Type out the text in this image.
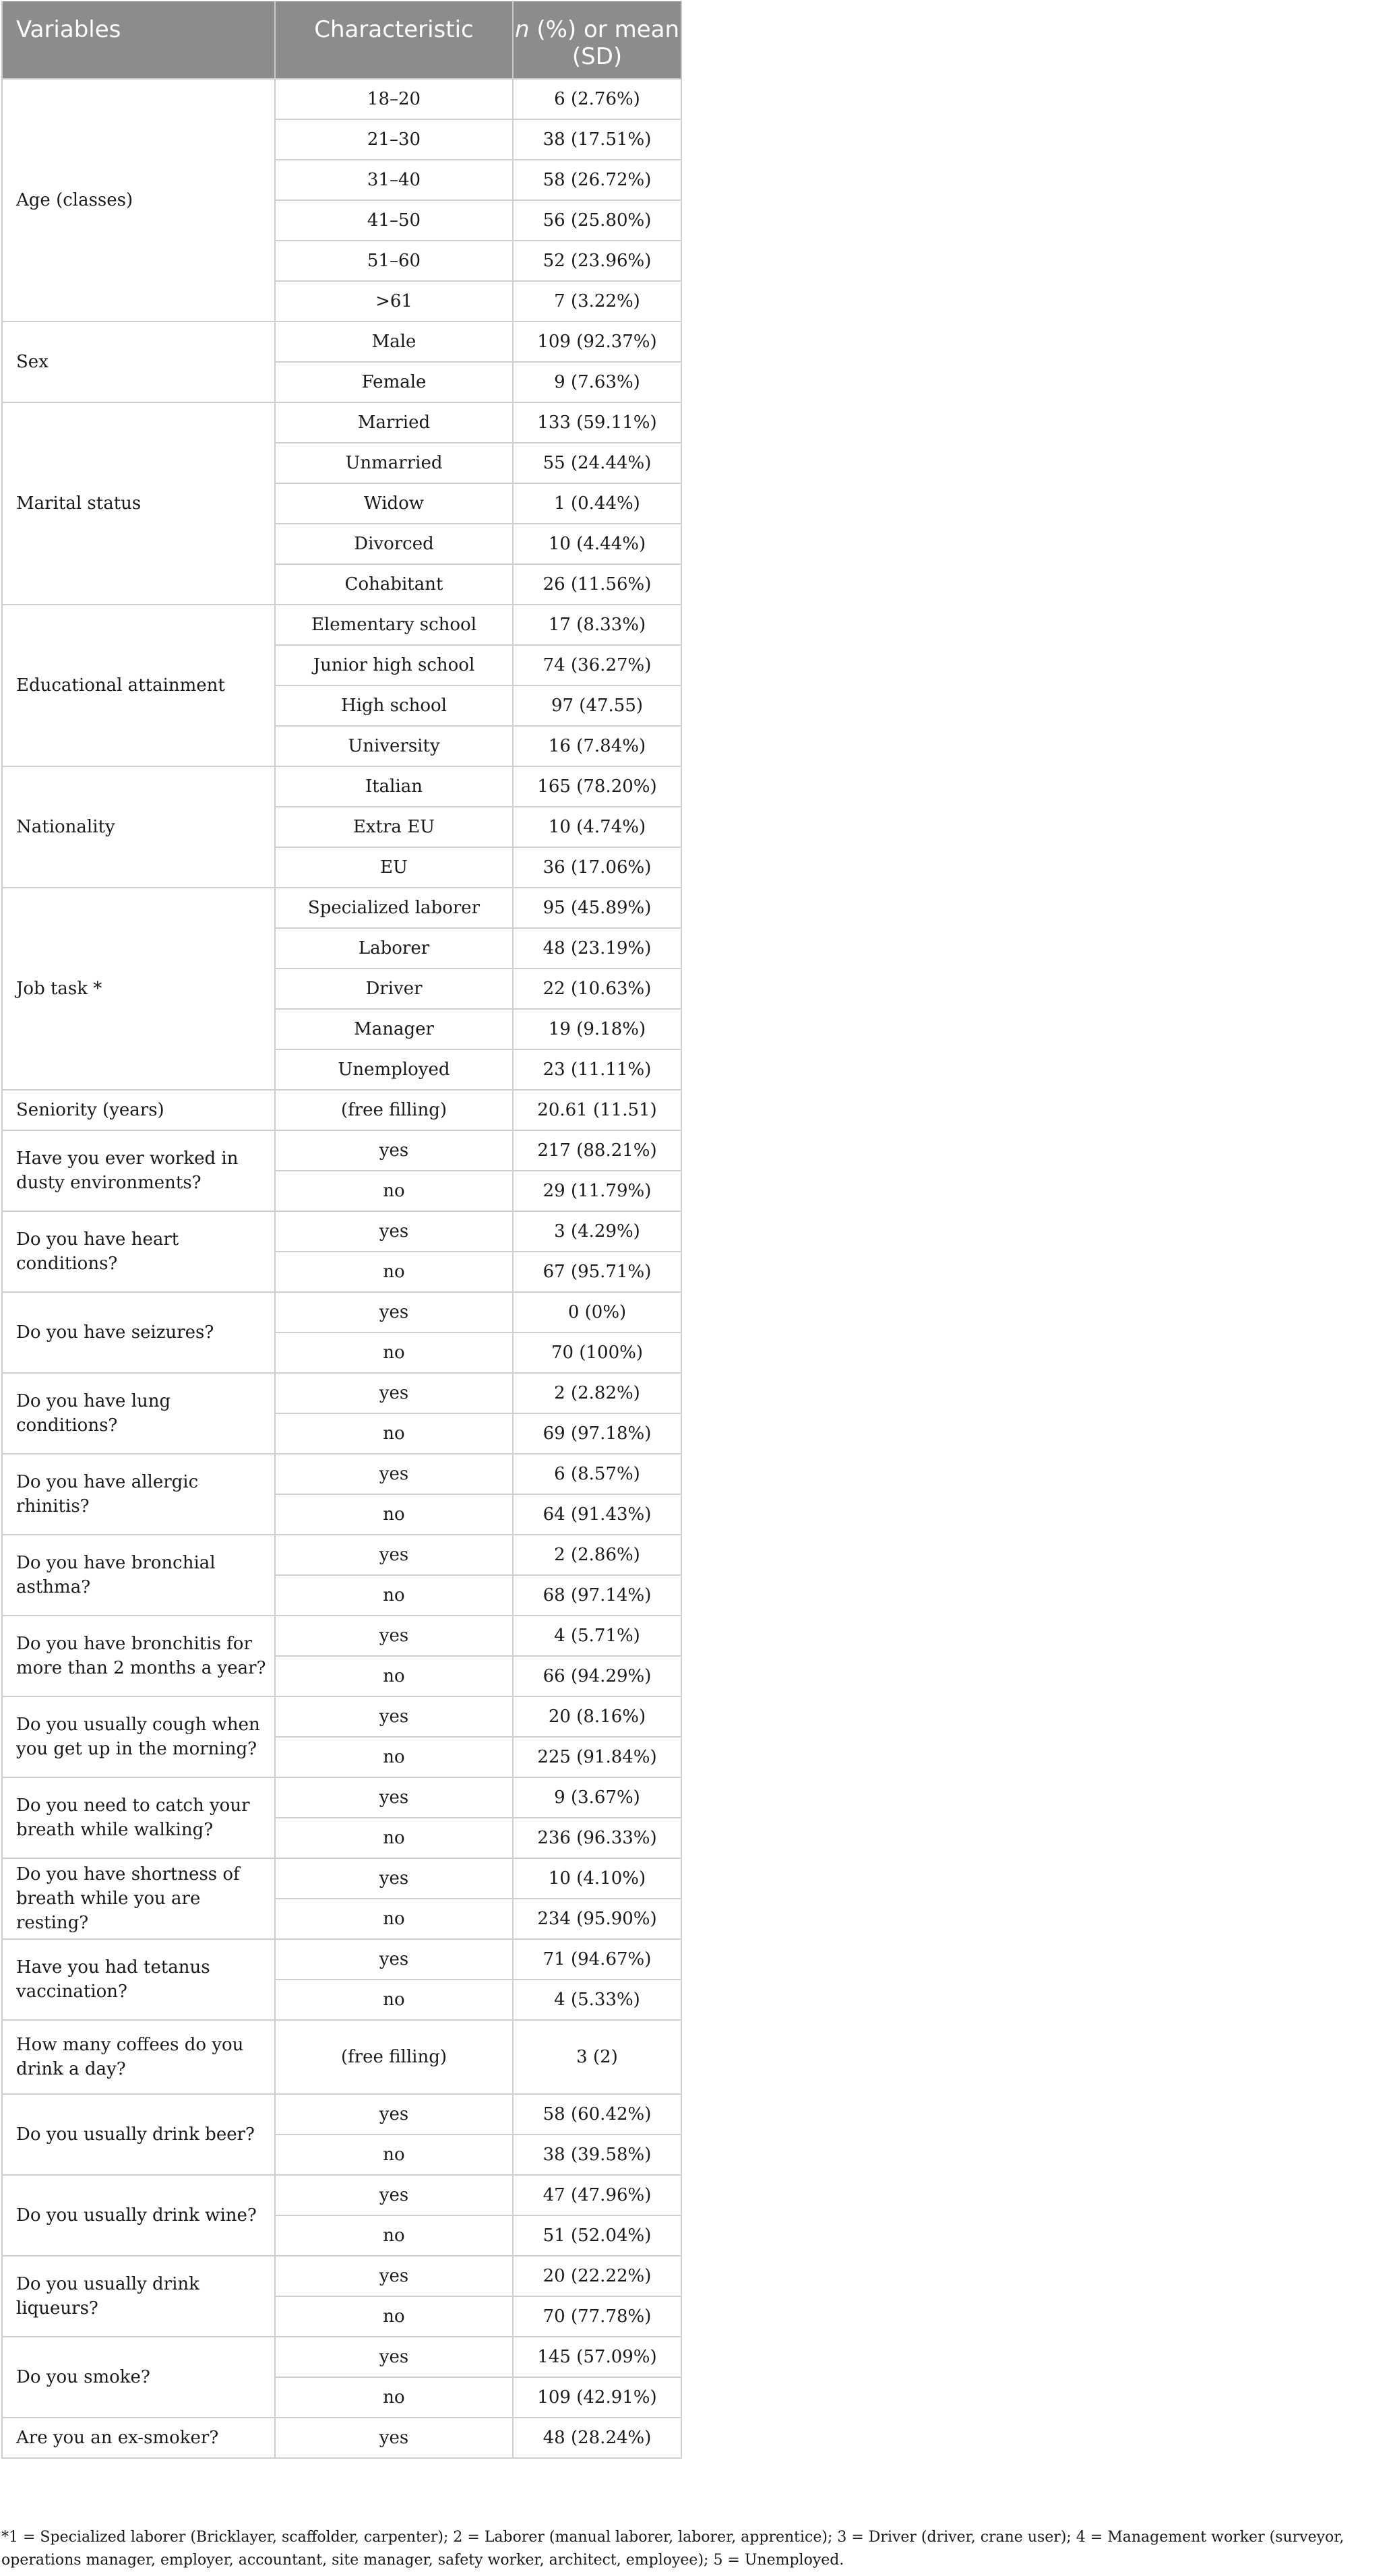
Variables	Characteristic	n (%) or mean (SD)

Age (classes)	18–20	6 (2.76%)
	21–30	38 (17.51%)
	31–40	58 (26.72%)
	41–50	56 (25.80%)
	51–60	52 (23.96%)
	>61	7 (3.22%)
Sex	Male	109 (92.37%)
	Female	9 (7.63%)
Marital status	Married	133 (59.11%)
	Unmarried	55 (24.44%)
	Widow	1 (0.44%)
	Divorced	10 (4.44%)
	Cohabitant	26 (11.56%)
Educational attainment	Elementary school	17 (8.33%)
	Junior high school	74 (36.27%)
	High school	97 (47.55)
	University	16 (7.84%)
Nationality	Italian	165 (78.20%)
	Extra EU	10 (4.74%)
	EU	36 (17.06%)
Job task *	Specialized laborer	95 (45.89%)
	Laborer	48 (23.19%)
	Driver	22 (10.63%)
	Manager	19 (9.18%)
	Unemployed	23 (11.11%)
Seniority (years)	(free filling)	20.61 (11.51)
Have you ever worked in dusty environments?	yes	217 (88.21%)
	no	29 (11.79%)
Do you have heart conditions?	yes	3 (4.29%)
	no	67 (95.71%)
Do you have seizures?	yes	0 (0%)
	no	70 (100%)
Do you have lung conditions?	yes	2 (2.82%)
	no	69 (97.18%)
Do you have allergic rhinitis?	yes	6 (8.57%)
	no	64 (91.43%)
Do you have bronchial asthma?	yes	2 (2.86%)
	no	68 (97.14%)
Do you have bronchitis for more than 2 months a year?	yes	4 (5.71%)
	no	66 (94.29%)
Do you usually cough when you get up in the morning?	yes	20 (8.16%)
	no	225 (91.84%)
Do you need to catch your breath while walking?	yes	9 (3.67%)
	no	236 (96.33%)
Do you have shortness of breath while you are resting?	yes	10 (4.10%)
	no	234 (95.90%)
Have you had tetanus vaccination?	yes	71 (94.67%)
	no	4 (5.33%)
How many coffees do you drink a day?	(free filling)	3 (2)
Do you usually drink beer?	yes	58 (60.42%)
	no	38 (39.58%)
Do you usually drink wine?	yes	47 (47.96%)
	no	51 (52.04%)
Do you usually drink liqueurs?	yes	20 (22.22%)
	no	70 (77.78%)
Do you smoke?	yes	145 (57.09%)
	no	109 (42.91%)
Are you an ex-smoker?	yes	48 (28.24%)
*1 = Specialized laborer (Bricklayer, scaffolder, carpenter); 2 = Laborer (manual laborer, laborer, apprentice); 3 = Driver (driver, crane user); 4 = Management worker (surveyor, operations manager, employer, accountant, site manager, safety worker, architect, employee); 5 = Unemployed.
